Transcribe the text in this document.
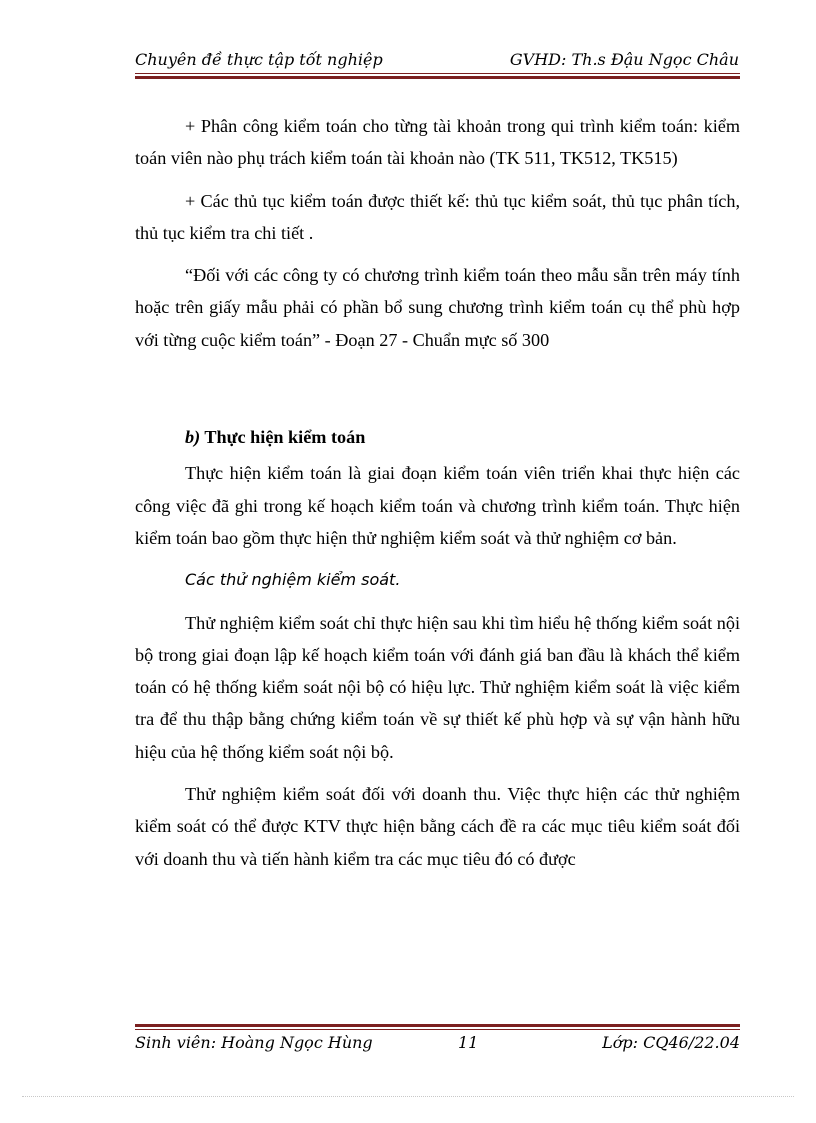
Chuyên đề thực tập tốt nghiệp	GVHD: Th.s Đậu Ngọc Châu

+ Phân công kiểm toán cho từng tài khoản trong qui trình kiểm toán: kiểm toán viên nào phụ trách kiểm toán tài khoản nào (TK 511, TK512, TK515)

+ Các thủ tục kiểm toán được thiết kế: thủ tục kiểm soát, thủ tục phân tích, thủ tục kiểm tra chi tiết .

“Đối với các công ty có chương trình kiểm toán theo mẫu sẵn trên máy tính hoặc trên giấy mẫu phải có phần bổ sung chương trình kiểm toán cụ thể phù hợp với từng cuộc kiểm toán” - Đoạn 27 - Chuẩn mực số 300

b) Thực hiện kiểm toán

Thực hiện kiểm toán là giai đoạn kiểm toán viên triển khai thực hiện các công việc đã ghi trong kế hoạch kiểm toán và chương trình kiểm toán. Thực hiện kiểm toán bao gồm thực hiện thử nghiệm kiểm soát và thử nghiệm cơ bản.

Các thử nghiệm kiểm soát.

Thử nghiệm kiểm soát chỉ thực hiện sau khi tìm hiểu hệ thống kiểm soát nội bộ trong giai đoạn lập kế hoạch kiểm toán với đánh giá ban đầu là khách thể kiểm toán có hệ thống kiểm soát nội bộ có hiệu lực. Thử nghiệm kiểm soát là việc kiểm tra để thu thập bằng chứng kiểm toán về sự thiết kế phù hợp và sự vận hành hữu hiệu của hệ thống kiểm soát nội bộ.

Thử nghiệm kiểm soát đối với doanh thu. Việc thực hiện các thử nghiệm kiểm soát có thể được KTV thực hiện bằng cách đề ra các mục tiêu kiểm soát đối với doanh thu và tiến hành kiểm tra các mục tiêu đó có được

Sinh viên: Hoàng Ngọc Hùng	11	Lớp: CQ46/22.04
